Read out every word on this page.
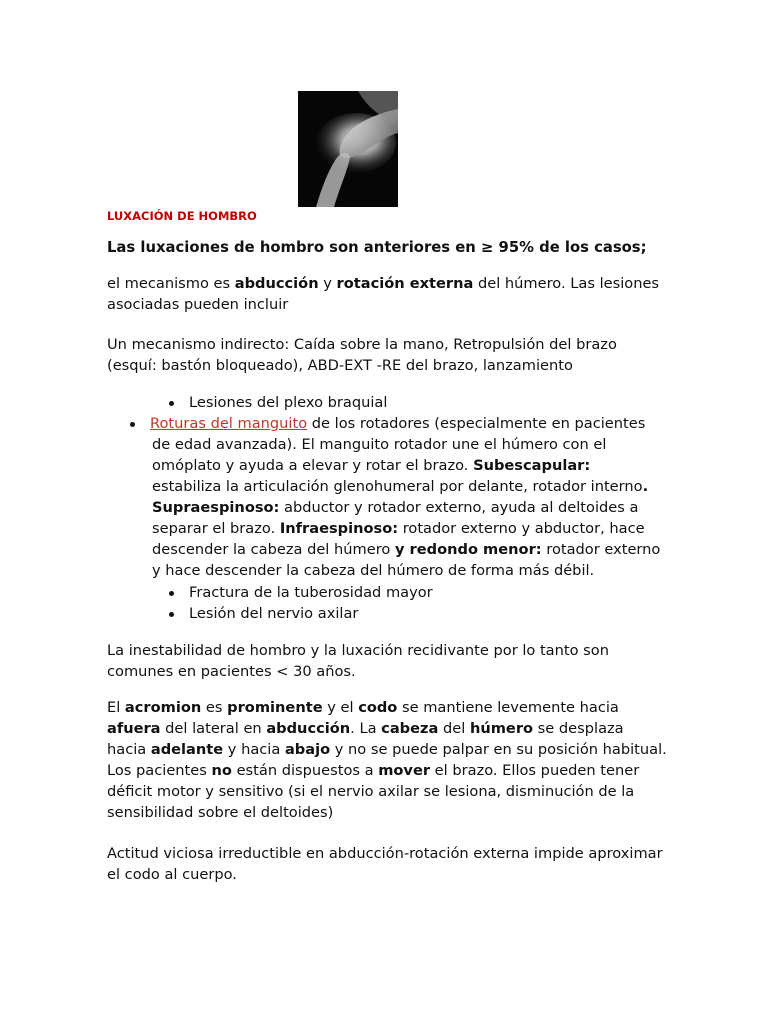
LUXACIÓN DE HOMBRO
Las luxaciones de hombro son anteriores en ≥ 95% de los casos;

el mecanismo es abducción y rotación externa del húmero. Las lesiones asociadas pueden incluir

Un mecanismo indirecto: Caída sobre la mano, Retropulsión del brazo (esquí: bastón bloqueado), ABD-EXT -RE del brazo, lanzamiento

Lesiones del plexo braquial
Roturas del manguito de los rotadores (especialmente en pacientes de edad avanzada). El manguito rotador une el húmero con el omóplato y ayuda a elevar y rotar el brazo. Subescapular: estabiliza la articulación glenohumeral por delante, rotador interno. Supraespinoso: abductor y rotador externo, ayuda al deltoides a separar el brazo. Infraespinoso: rotador externo y abductor, hace descender la cabeza del húmero y redondo menor: rotador externo y hace descender la cabeza del húmero de forma más débil.
Fractura de la tuberosidad mayor
Lesión del nervio axilar

La inestabilidad de hombro y la luxación recidivante por lo tanto son comunes en pacientes < 30 años.

El acromion es prominente y el codo se mantiene levemente hacia afuera del lateral en abducción. La cabeza del húmero se desplaza hacia adelante y hacia abajo y no se puede palpar en su posición habitual. Los pacientes no están dispuestos a mover el brazo. Ellos pueden tener déficit motor y sensitivo (si el nervio axilar se lesiona, disminución de la sensibilidad sobre el deltoides)

Actitud viciosa irreductible en abducción-rotación externa impide aproximar el codo al cuerpo.
